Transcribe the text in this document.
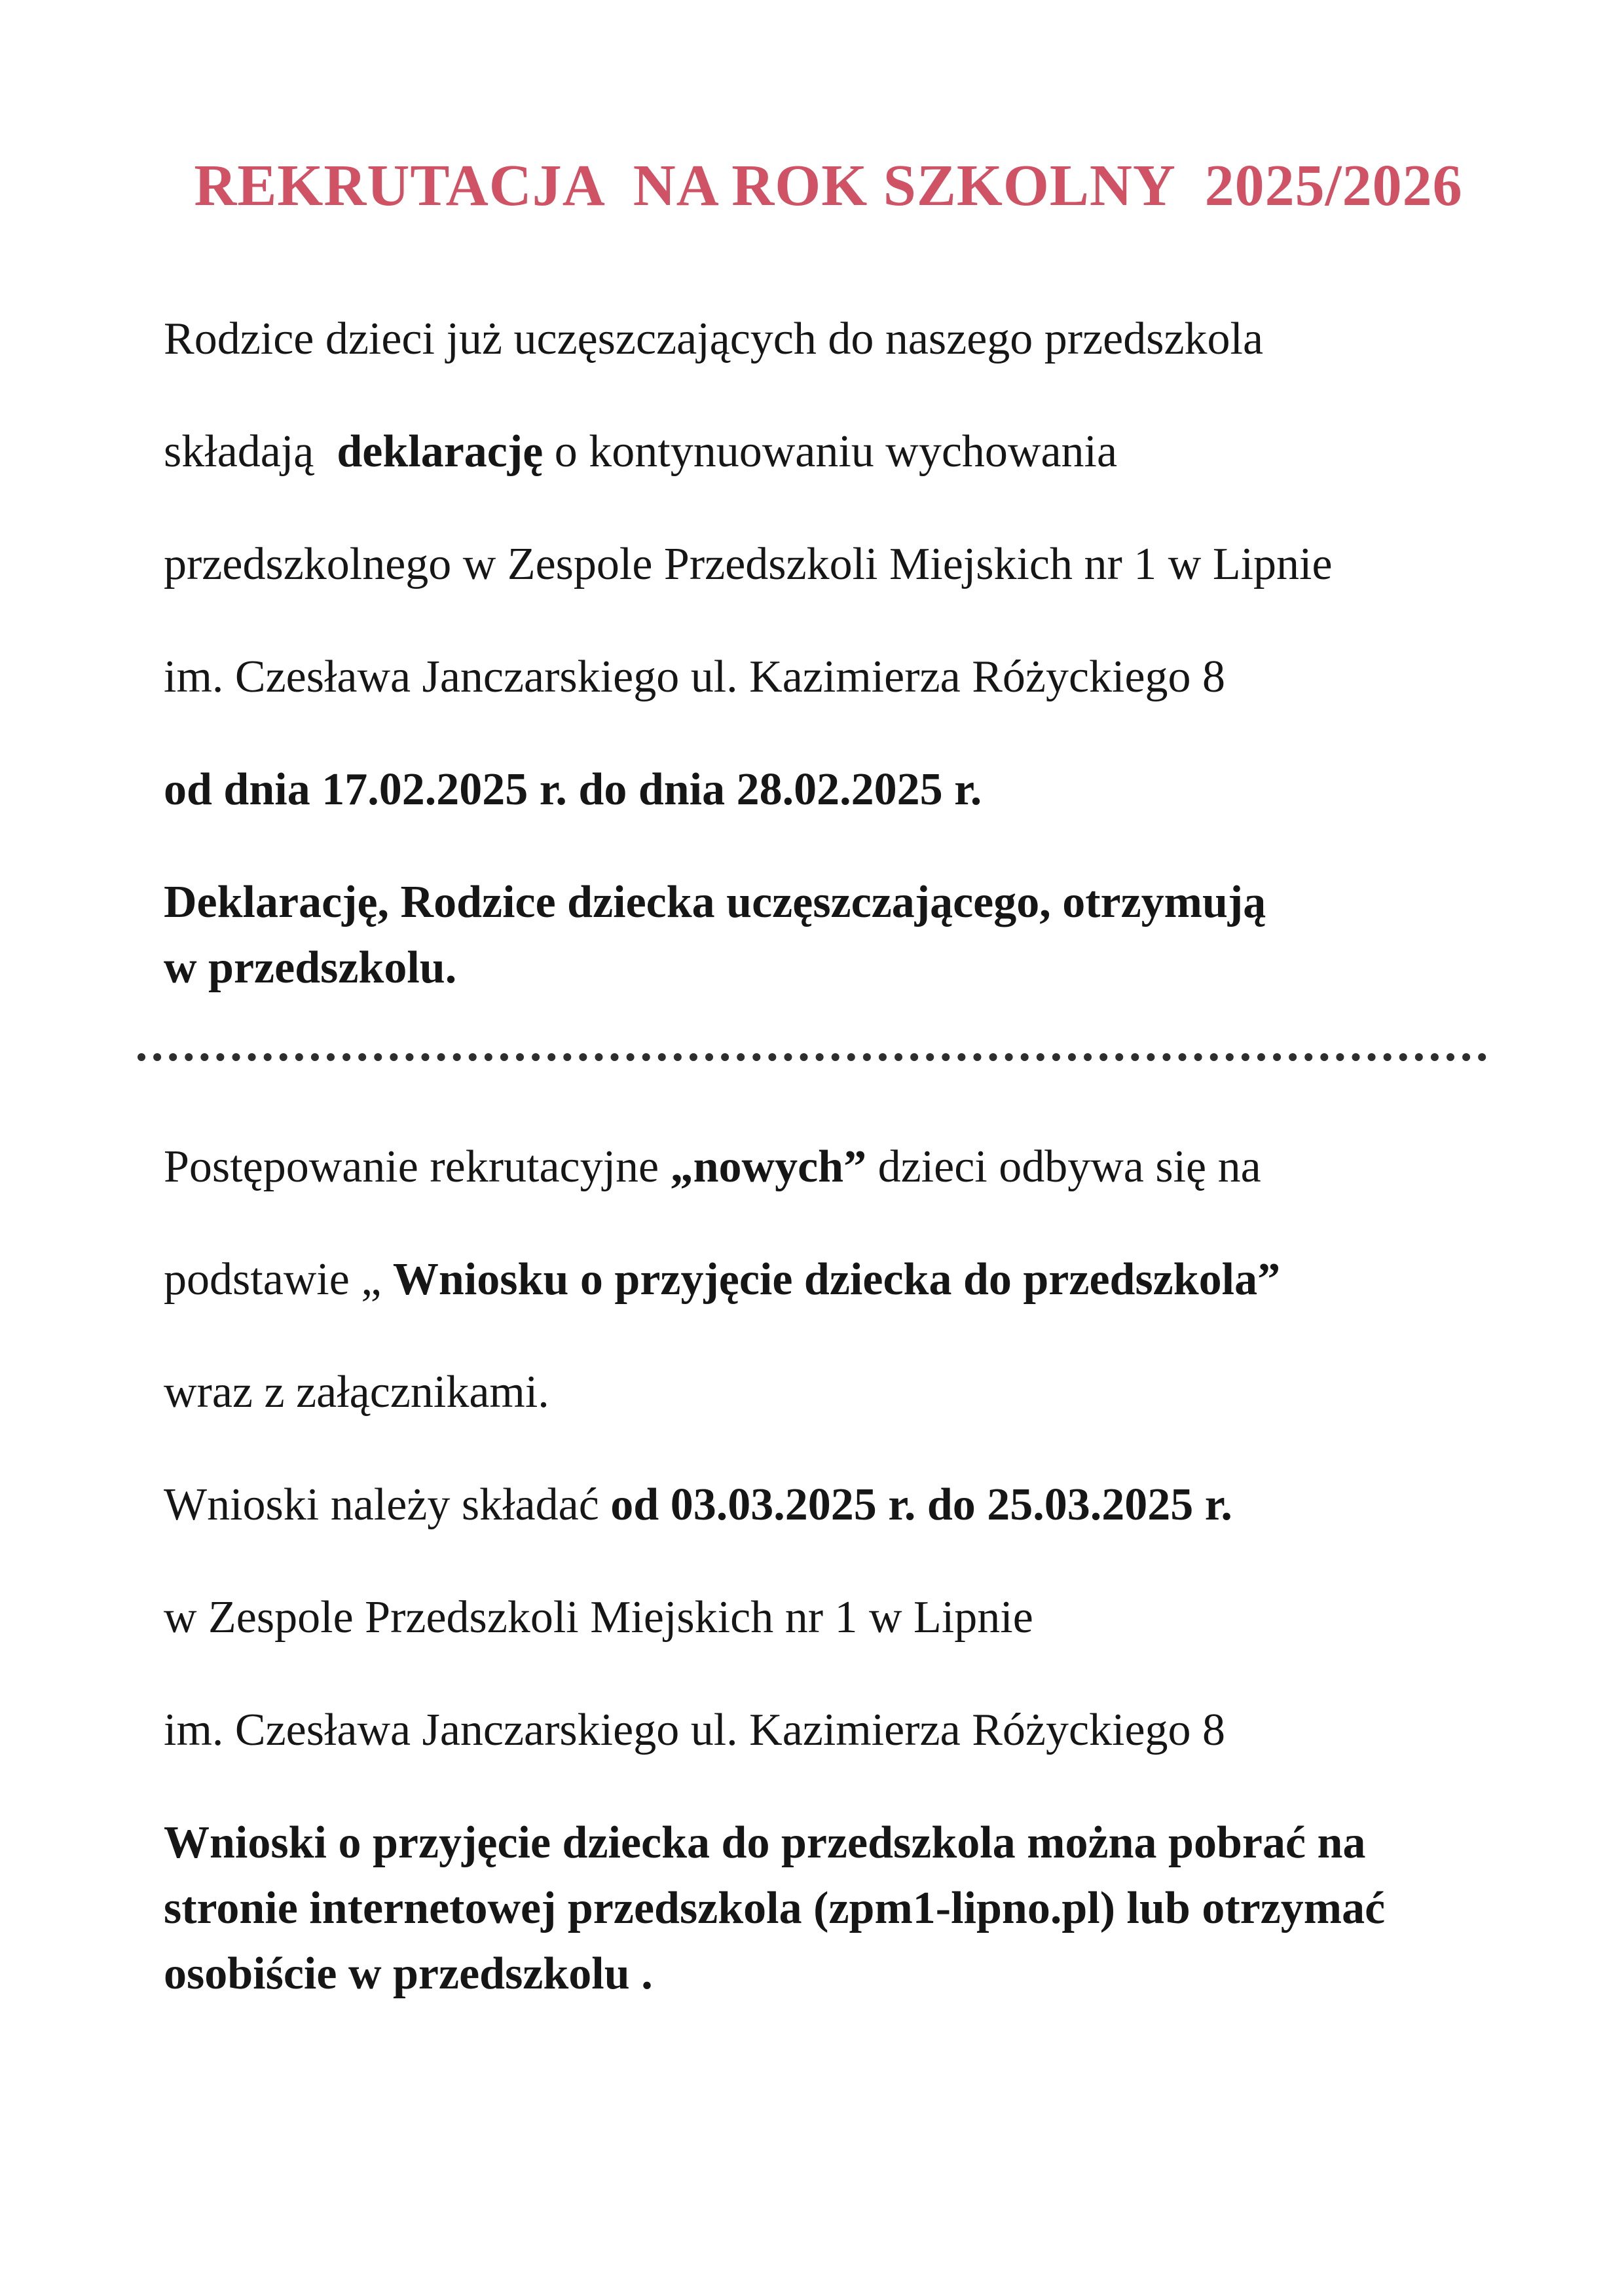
REKRUTACJA  NA ROK SZKOLNY  2025/2026

Rodzice dzieci już uczęszczających do naszego przedszkola

składają  deklarację o kontynuowaniu wychowania

przedszkolnego w Zespole Przedszkoli Miejskich nr 1 w Lipnie

im. Czesława Janczarskiego ul. Kazimierza Różyckiego 8

od dnia 17.02.2025 r. do dnia 28.02.2025 r.

Deklarację, Rodzice dziecka uczęszczającego, otrzymują

w przedszkolu.

Postępowanie rekrutacyjne „nowych” dzieci odbywa się na

podstawie „ Wniosku o przyjęcie dziecka do przedszkola”

wraz z załącznikami.

Wnioski należy składać od 03.03.2025 r. do 25.03.2025 r.

w Zespole Przedszkoli Miejskich nr 1 w Lipnie

im. Czesława Janczarskiego ul. Kazimierza Różyckiego 8

Wnioski o przyjęcie dziecka do przedszkola można pobrać na

stronie internetowej przedszkola (zpm1-lipno.pl) lub otrzymać

osobiście w przedszkolu .
